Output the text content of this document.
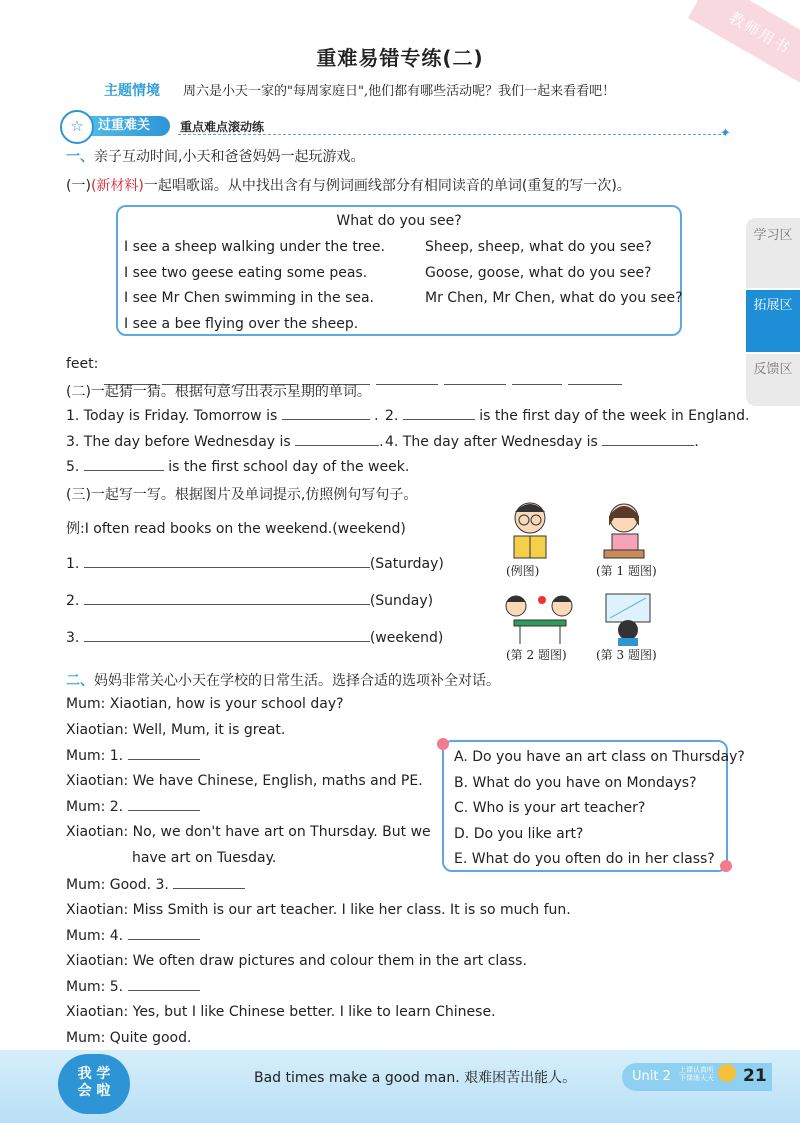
教师用书
重难易错专练(二)
主题情境 周六是小天一家的"每周家庭日",他们都有哪些活动呢？我们一起来看看吧！
过重难关
☆	重点难点滚动练	✦
一、亲子互动时间,小天和爸爸妈妈一起玩游戏。
(一)(新材料)一起唱歌谣。从中找出含有与例词画线部分有相同读音的单词(重复的写一次)。
What do you see?
I see a sheep walking under the tree.
I see two geese eating some peas.
I see Mr Chen swimming in the sea.
I see a bee flying over the sheep.
Sheep, sheep, what do you see?
Goose, goose, what do you see?
Mr Chen, Mr Chen, what do you see?
feet:
(二)一起猜一猜。根据句意写出表示星期的单词。
1. Today is Friday. Tomorrow is	. 2.	is the first day of the week in England.
3. The day before Wednesday is	. 4. The day after Wednesday is	.
5.	is the first school day of the week.
(三)一起写一写。根据图片及单词提示,仿照例句写句子。
例:I often read books on the weekend.(weekend)
1.	(Saturday)
2.	(Sunday)
3.	(weekend)
(例图)	(第 1 题图)
(第 2 题图) (第 3 题图)
二、妈妈非常关心小天在学校的日常生活。选择合适的选项补全对话。
Mum: Xiaotian, how is your school day?
Xiaotian: Well, Mum, it is great.
Mum: 1.
Xiaotian: We have Chinese, English, maths and PE.
Mum: 2.
Xiaotian: No, we don't have art on Thursday. But we
have art on Tuesday.
Mum: Good. 3.
Xiaotian: Miss Smith is our art teacher. I like her class. It is so much fun.
Mum: 4.
Xiaotian: We often draw pictures and colour them in the art class.
Mum: 5.
Xiaotian: Yes, but I like Chinese better. I like to learn Chinese.
Mum: Quite good.
A. Do you have an art class on Thursday?
B. What do you have on Mondays?
C. Who is your art teacher?
D. Do you like art?
E. What do you often do in her class?
学习区
拓展区
反馈区
我 学
会 啦
Bad times make a good man. 艰难困苦出能人。	Unit 2 上课认真听
下课练天天 21
